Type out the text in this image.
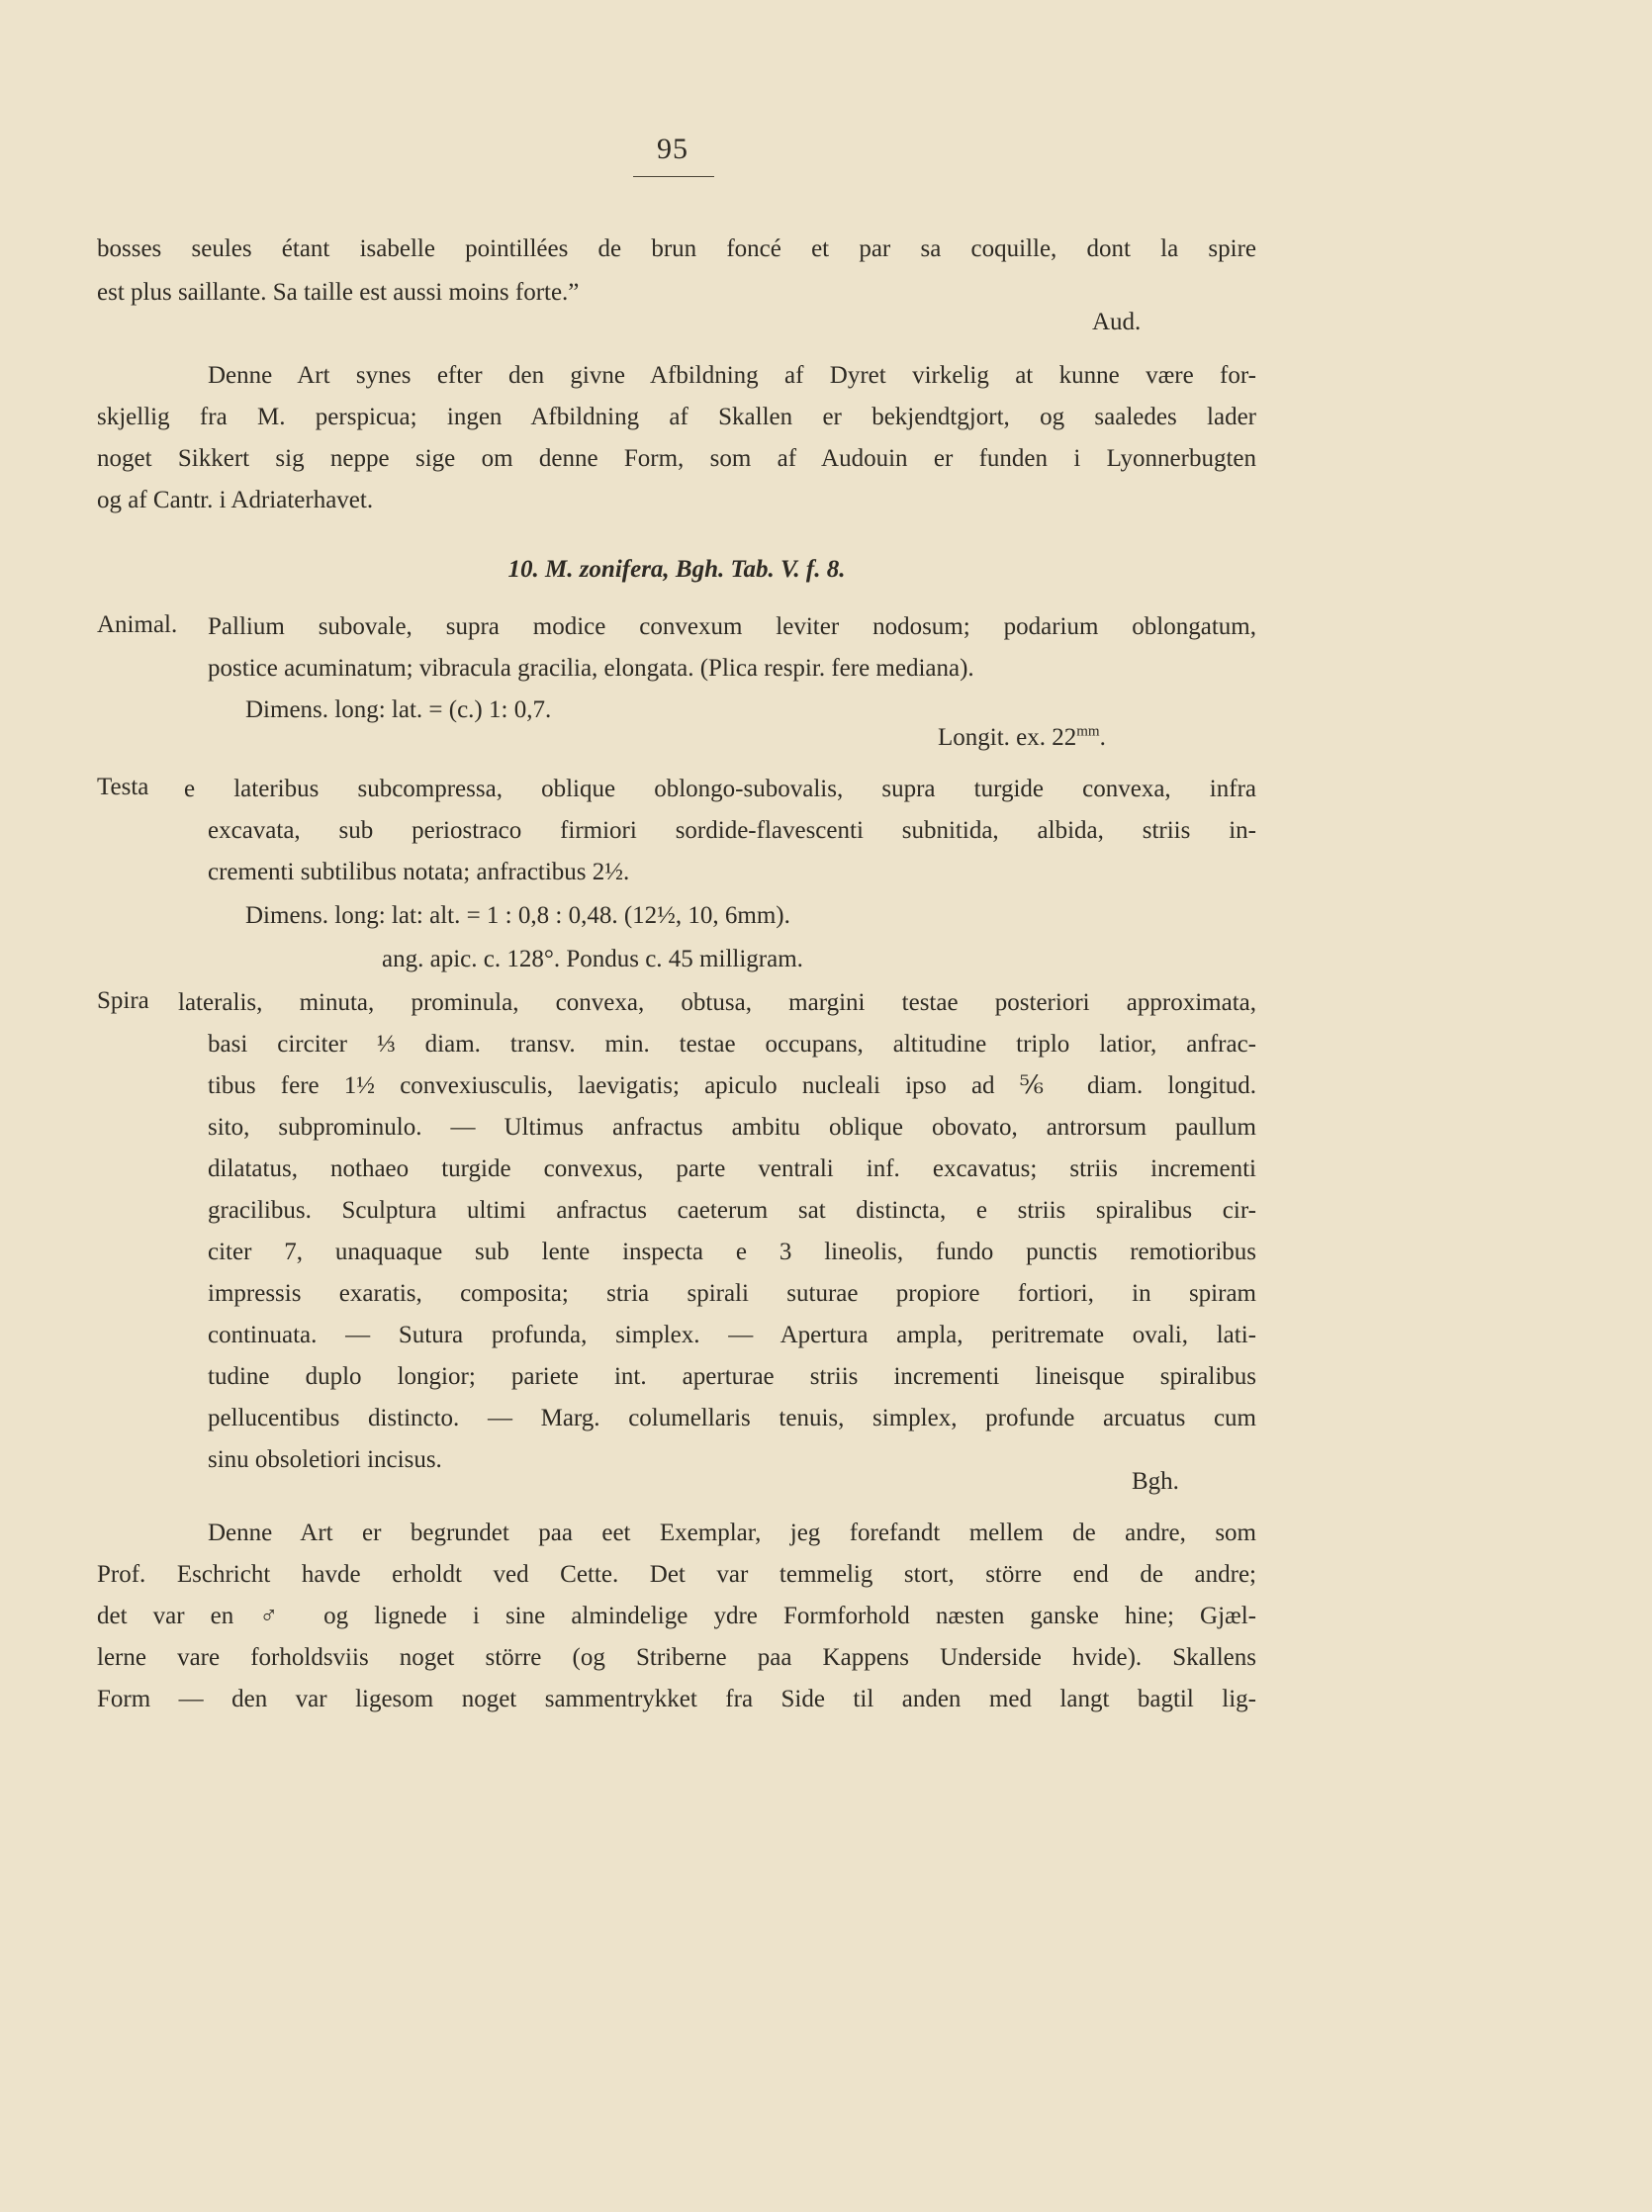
95
bosses seules étant isabelle pointillées de brun foncé et par sa coquille, dont la spire
est plus saillante. Sa taille est aussi moins forte.”
Aud.
Denne Art synes efter den givne Afbildning af Dyret virkelig at kunne være for-
skjellig fra M. perspicua; ingen Afbildning af Skallen er bekjendtgjort, og saaledes lader
noget Sikkert sig neppe sige om denne Form, som af Audouin er funden i Lyonnerbugten
og af Cantr. i Adriaterhavet.
10. M. zonifera, Bgh. Tab. V. f. 8.
Animal. Pallium subovale, supra modice convexum leviter nodosum; podarium oblongatum,
postice acuminatum; vibracula gracilia, elongata. (Plica respir. fere mediana).
Dimens. long: lat. = (c.) 1: 0,7.
Longit. ex. $22^{mm}$.
Testa e lateribus subcompressa, oblique oblongo-subovalis, supra turgide convexa, infra
excavata, sub periostraco firmiori sordide-flavescenti subnitida, albida, striis in-
crementi subtilibus notata; anfractibus 2½.
Dimens. long: lat: alt. = 1 : 0,8 : 0,48. (12½, 10, 6mm).
ang. apic. c. 128°. Pondus c. 45 milligram.
Spira lateralis, minuta, prominula, convexa, obtusa, margini testae posteriori approximata,
basi circiter ⅓ diam. transv. min. testae occupans, altitudine triplo latior, anfrac-
tibus fere 1½ convexiusculis, laevigatis; apiculo nucleali ipso ad ⅚ diam. longitud.
sito, subprominulo. — Ultimus anfractus ambitu oblique obovato, antrorsum paullum
dilatatus, nothaeo turgide convexus, parte ventrali inf. excavatus; striis incrementi
gracilibus. Sculptura ultimi anfractus caeterum sat distincta, e striis spiralibus cir-
citer 7, unaquaque sub lente inspecta e 3 lineolis, fundo punctis remotioribus
impressis exaratis, composita; stria spirali suturae propiore fortiori, in spiram
continuata. — Sutura profunda, simplex. — Apertura ampla, peritremate ovali, lati-
tudine duplo longior; pariete int. aperturae striis incrementi lineisque spiralibus
pellucentibus distincto. — Marg. columellaris tenuis, simplex, profunde arcuatus cum
sinu obsoletiori incisus.
Bgh.
Denne Art er begrundet paa eet Exemplar, jeg forefandt mellem de andre, som
Prof. Eschricht havde erholdt ved Cette. Det var temmelig stort, större end de andre;
det var en ♂ og lignede i sine almindelige ydre Formforhold næsten ganske hine; Gjæl-
lerne vare forholdsviis noget större (og Striberne paa Kappens Underside hvide). Skallens
Form — den var ligesom noget sammentrykket fra Side til anden med langt bagtil lig-
